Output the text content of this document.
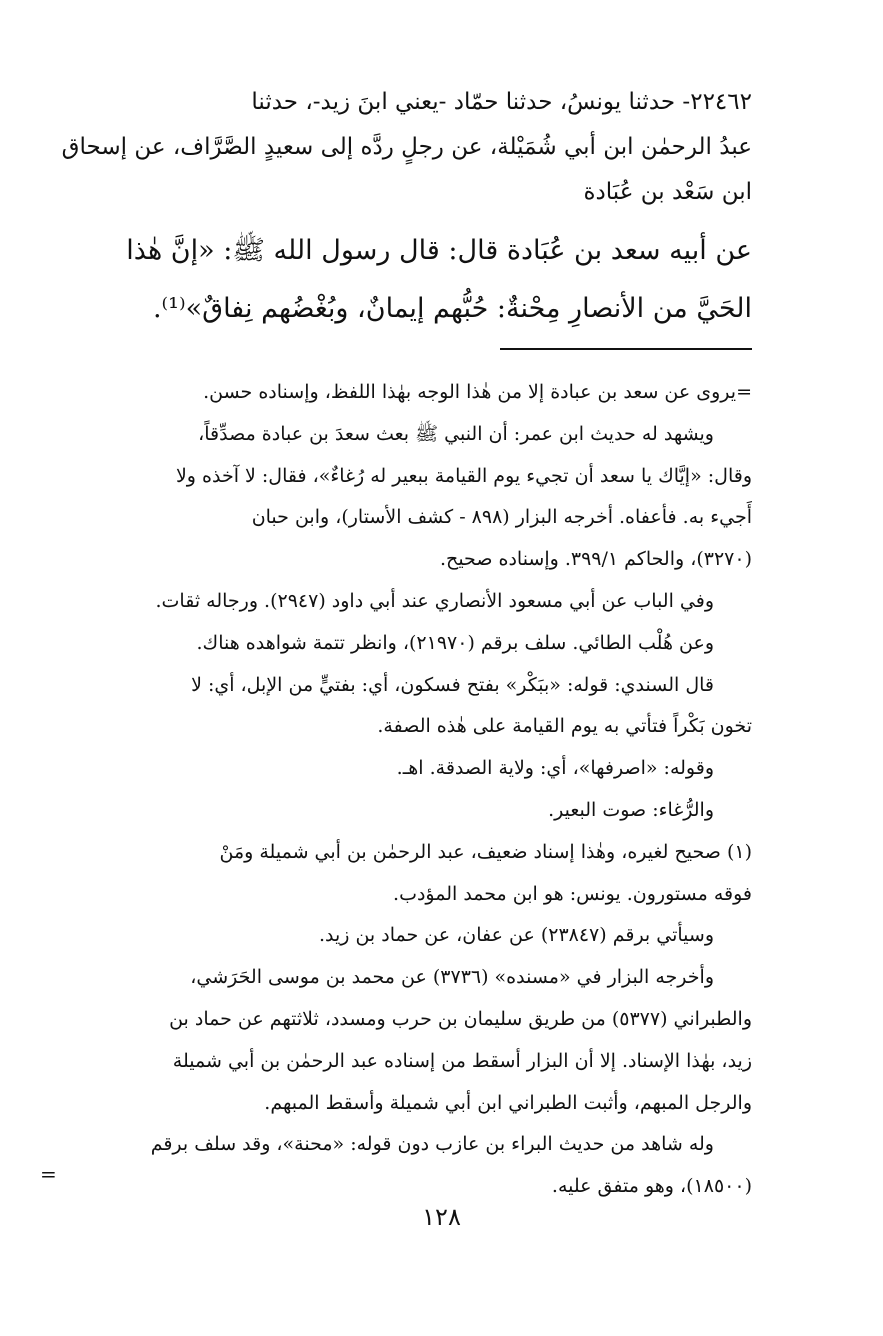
٢٢٤٦٢- حدثنا يونسُ، حدثنا حمّاد -يعني ابنَ زيد-، حدثنا
عبدُ الرحمٰن ابن أبي شُمَيْلة، عن رجلٍ ردَّه إلى سعيدٍ الصَّرَّاف، عن إسحاق
ابن سَعْد بن عُبَادة
عن أبيه سعد بن عُبَادة قال: قال رسول الله ﷺ: «إنَّ هٰذا
الحَيَّ من الأنصارِ مِحْنةٌ: حُبُّهم إيمانٌ، وبُغْضُهم نِفاقٌ»⁽¹⁾.
=يروى عن سعد بن عبادة إلا من هٰذا الوجه بهٰذا اللفظ، وإسناده حسن.
ويشهد له حديث ابن عمر: أن النبي ﷺ بعث سعدَ بن عبادة مصدِّقاً،
وقال: «إيَّاك يا سعد أن تجيء يوم القيامة ببعير له رُغاءٌ»، فقال: لا آخذه ولا
أَجيء به. فأعفاه. أخرجه البزار (٨٩٨ - كشف الأستار)، وابن حبان
(٣٢٧٠)، والحاكم ٣٩٩/١. وإسناده صحيح.
وفي الباب عن أبي مسعود الأنصاري عند أبي داود (٢٩٤٧). ورجاله ثقات.
وعن هُلْب الطائي. سلف برقم (٢١٩٧٠)، وانظر تتمة شواهده هناك.
قال السندي: قوله: «ببَكْر» بفتح فسكون، أي: بفتيٍّ من الإبل، أي: لا
تخون بَكْراً فتأتي به يوم القيامة على هٰذه الصفة.
وقوله: «اصرفها»، أي: ولاية الصدقة. اهـ.
والرُّغاء: صوت البعير.
(١) صحيح لغيره، وهٰذا إسناد ضعيف، عبد الرحمٰن بن أبي شميلة ومَنْ
فوقه مستورون. يونس: هو ابن محمد المؤدب.
وسيأتي برقم (٢٣٨٤٧) عن عفان، عن حماد بن زيد.
وأخرجه البزار في «مسنده» (٣٧٣٦) عن محمد بن موسى الحَرَشي،
والطبراني (٥٣٧٧) من طريق سليمان بن حرب ومسدد، ثلاثتهم عن حماد بن
زيد، بهٰذا الإسناد. إلا أن البزار أسقط من إسناده عبد الرحمٰن بن أبي شميلة
والرجل المبهم، وأثبت الطبراني ابن أبي شميلة وأسقط المبهم.
وله شاهد من حديث البراء بن عازب دون قوله: «محنة»، وقد سلف برقم
(١٨٥٠٠)، وهو متفق عليه.
=
١٢٨
